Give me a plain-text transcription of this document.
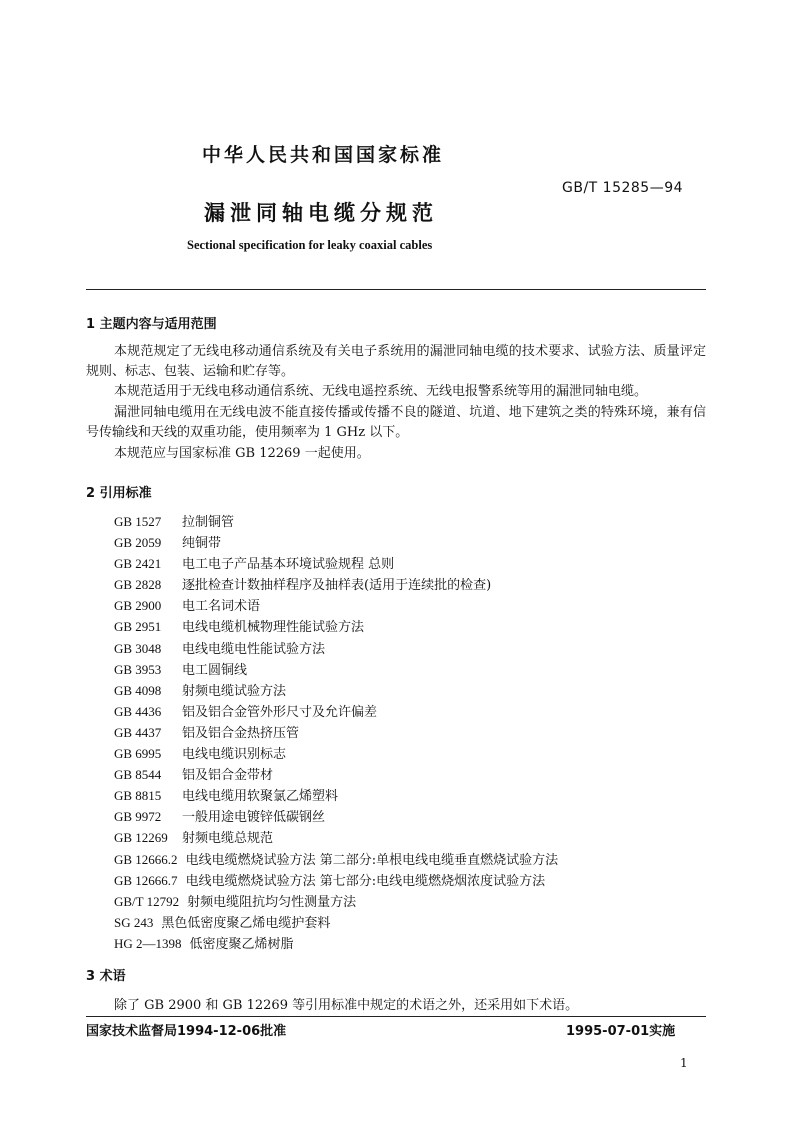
中华人民共和国国家标准
GB/T 15285—94
漏泄同轴电缆分规范
Sectional specification for leaky coaxial cables
1 主题内容与适用范围
本规范规定了无线电移动通信系统及有关电子系统用的漏泄同轴电缆的技术要求、试验方法、质量评定规则、标志、包装、运输和贮存等。
本规范适用于无线电移动通信系统、无线电遥控系统、无线电报警系统等用的漏泄同轴电缆。
漏泄同轴电缆用在无线电波不能直接传播或传播不良的隧道、坑道、地下建筑之类的特殊环境，兼有信号传输线和天线的双重功能，使用频率为 1 GHz 以下。
本规范应与国家标准 GB 12269 一起使用。
2 引用标准
GB 1527 拉制铜管
GB 2059 纯铜带
GB 2421 电工电子产品基本环境试验规程 总则
GB 2828 逐批检查计数抽样程序及抽样表(适用于连续批的检查)
GB 2900 电工名词术语
GB 2951 电线电缆机械物理性能试验方法
GB 3048 电线电缆电性能试验方法
GB 3953 电工圆铜线
GB 4098 射频电缆试验方法
GB 4436 铝及铝合金管外形尺寸及允许偏差
GB 4437 铝及铝合金热挤压管
GB 6995 电线电缆识别标志
GB 8544 铝及铝合金带材
GB 8815 电线电缆用软聚氯乙烯塑料
GB 9972 一般用途电镀锌低碳钢丝
GB 12269 射频电缆总规范
GB 12666.2 电线电缆燃烧试验方法 第二部分:单根电线电缆垂直燃烧试验方法
GB 12666.7 电线电缆燃烧试验方法 第七部分:电线电缆燃烧烟浓度试验方法
GB/T 12792 射频电缆阻抗均匀性测量方法
SG 243 黑色低密度聚乙烯电缆护套料
HG 2—1398 低密度聚乙烯树脂
3 术语
除了 GB 2900 和 GB 12269 等引用标准中规定的术语之外，还采用如下术语。
国家技术监督局1994-12-06批准	1995-07-01实施
1
